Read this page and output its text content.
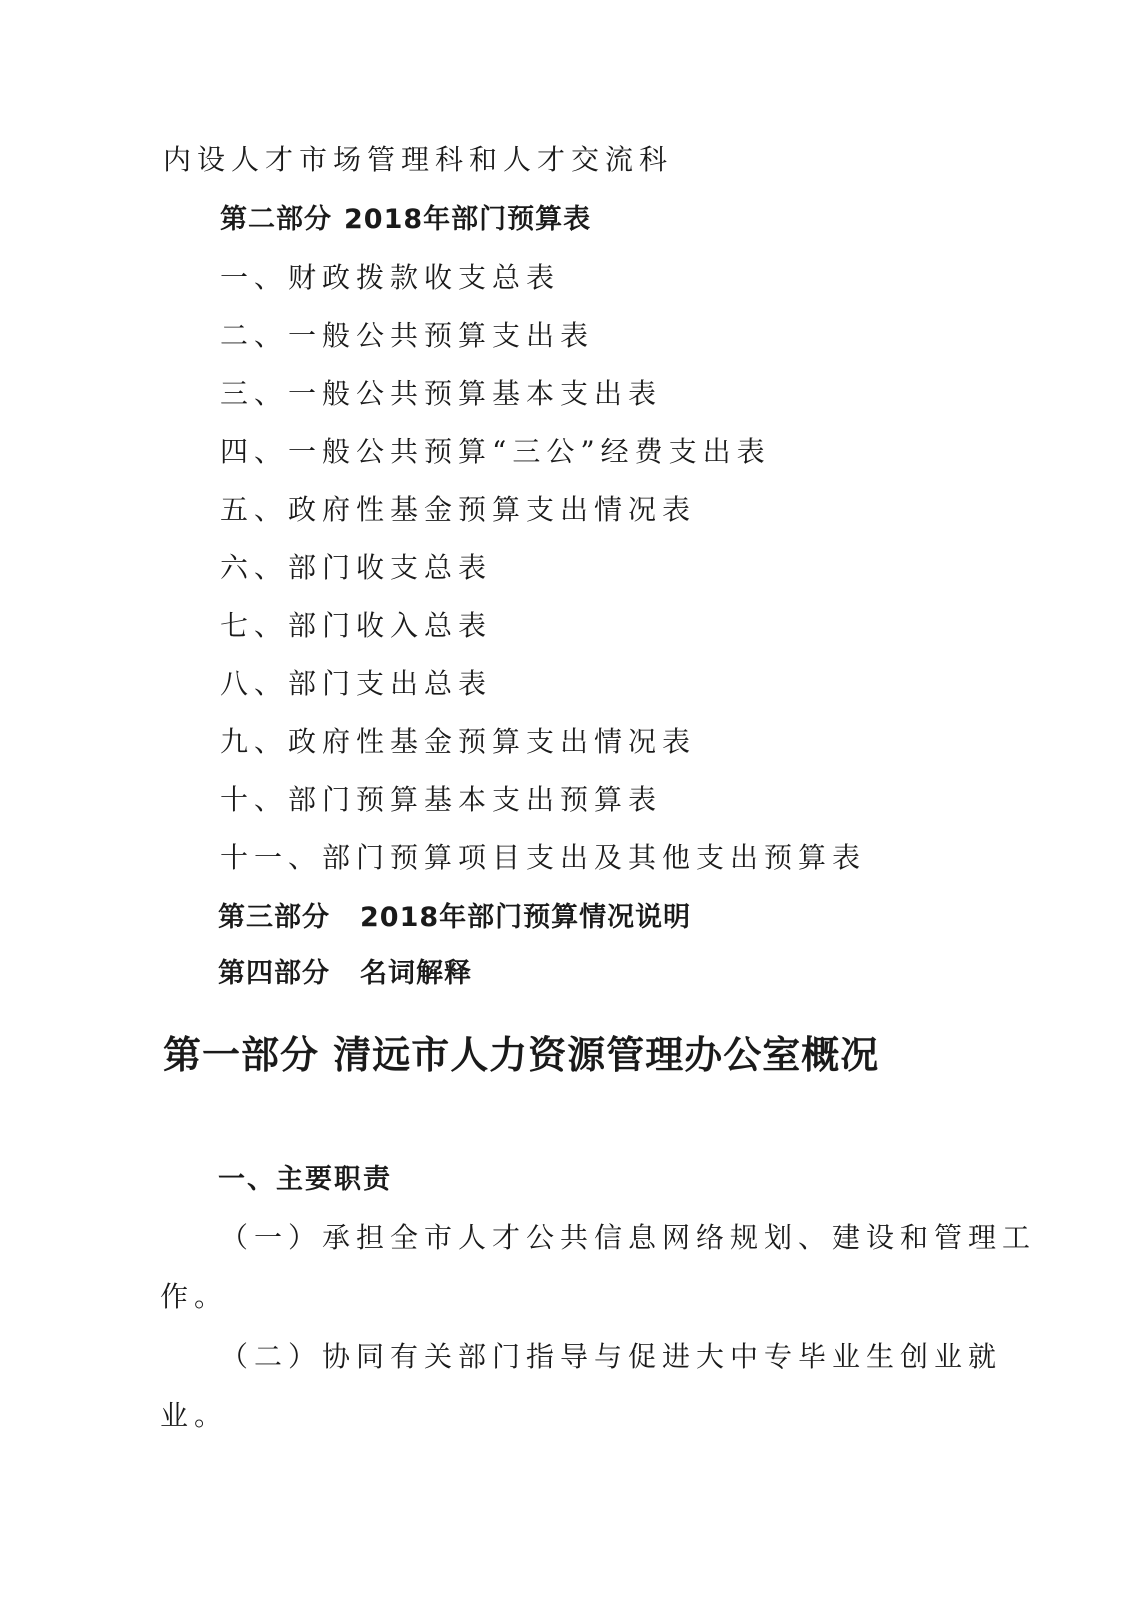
内设人才市场管理科和人才交流科
第二部分 2018年部门预算表
一、财政拨款收支总表
二、一般公共预算支出表
三、一般公共预算基本支出表
四、一般公共预算“三公”经费支出表
五、政府性基金预算支出情况表
六、部门收支总表
七、部门收入总表
八、部门支出总表
九、政府性基金预算支出情况表
十、部门预算基本支出预算表
十一、部门预算项目支出及其他支出预算表
第三部分 2018年部门预算情况说明
第四部分 名词解释
第一部分 清远市人力资源管理办公室概况
一、主要职责
（一）承担全市人才公共信息网络规划、建设和管理工
作。
（二）协同有关部门指导与促进大中专毕业生创业就
业。
